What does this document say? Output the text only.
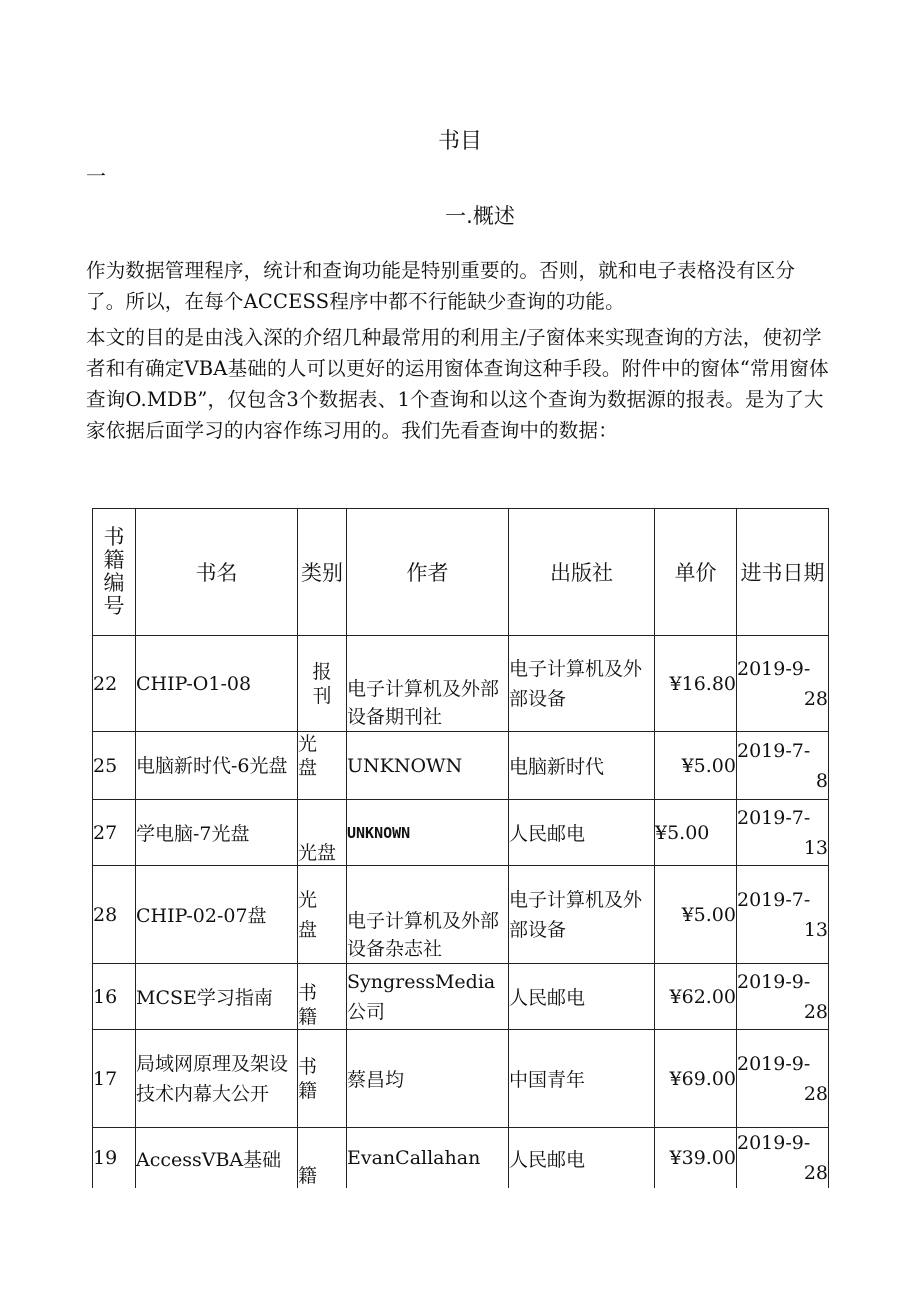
书目
一
一.概述

作为数据管理程序，统计和查询功能是特别重要的。否则，就和电子表格没有区分了。所以，在每个ACCESS程序中都不行能缺少查询的功能。

本文的目的是由浅入深的介绍几种最常用的利用主/子窗体来实现查询的方法，使初学者和有确定VBA基础的人可以更好的运用窗体查询这种手段。附件中的窗体“常用窗体查询O.MDB”，仅包含3个数据表、1个查询和以这个查询为数据源的报表。是为了大家依据后面学习的内容作练习用的。我们先看查询中的数据：

书籍编号	书名	类别	作者	出版社	单价	进书日期
22	CHIP-O1-08	报刊	电子计算机及外部设备期刊社	电子计算机及外部设备	¥16.80	2019-9-
28

25	电脑新时代-6光盘	光盘	UNKNOWN	电脑新时代	¥5.00	2019-7-
8

27	学电脑-7光盘	光盘	UNKNOWN	人民邮电	¥5.00	2019-7-
13

28	CHIP-02-07盘	光盘	电子计算机及外部设备杂志社	电子计算机及外部设备	¥5.00	2019-7-
13

16	MCSE学习指南	书籍	SyngressMedia公司	人民邮电	¥62.00	2019-9-
28

17	局域网原理及架设技术内幕大公开	书籍	蔡昌均	中国青年	¥69.00	2019-9-
28

19	AccessVBA基础	籍	EvanCallahan	人民邮电	¥39.00	2019-9-
28
